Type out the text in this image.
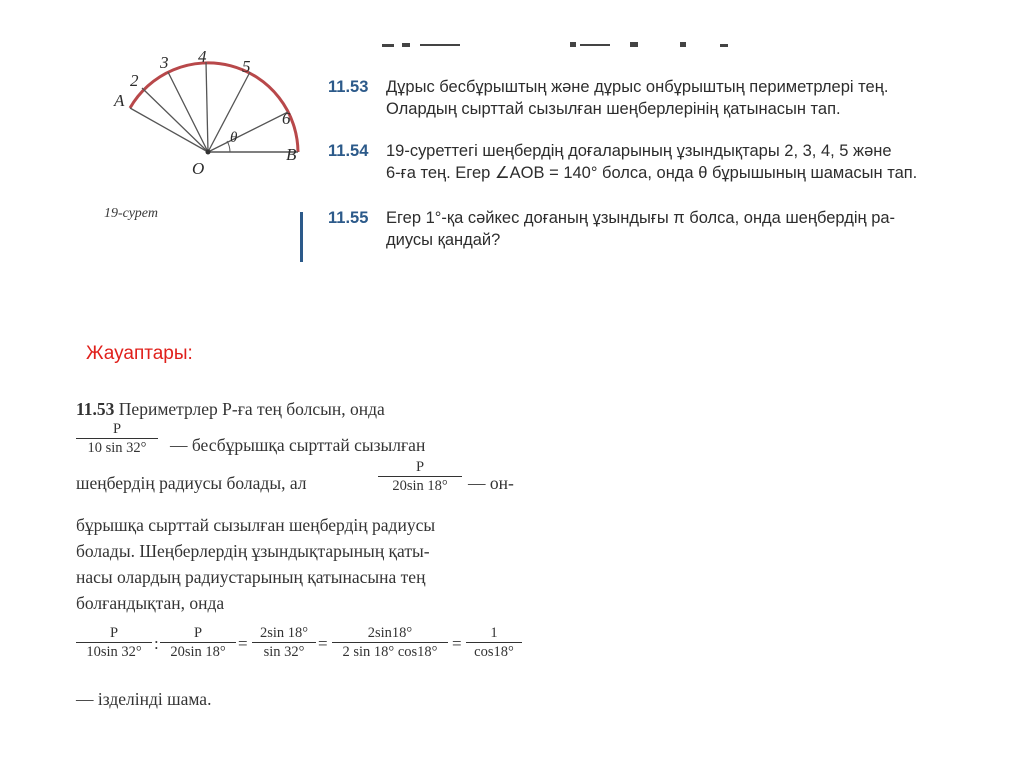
A
2
3 4
5
6
B
O
θ
19-сурет
11.53 Дұрыс бесбұрыштың және дұрыс онбұрыштың периметрлері тең.
Олардың сырттай сызылған шеңберлерінің қатынасын тап.
11.54 19-суреттегі шеңбердің доғаларының ұзындықтары 2, 3, 4, 5 және
6-ға тең. Егер ∠AOB = 140° болса, онда θ бұрышының шамасын тап.
11.55 Егер 1°-қа сәйкес доғаның ұзындығы π болса, онда шеңбердің ра-
диусы қандай?
Жауаптары:
11.53 Периметрлер P-ға тең болсын, онда
P
10 sin 32°	— бесбұрышқа сырттай сызылған
шеңбердің радиусы болады, ал
P
20sin 18°	— он-
бұрышқа сырттай сызылған шеңбердің радиусы
болады. Шеңберлердің ұзындықтарының қаты-
насы олардың радиустарының қатынасына тең
болғандықтан, онда
P
10sin 32° :
P
20sin 18° =
2sin 18°
sin 32° =
2sin18°
2 sin 18° cos18° =
1
cos18°
— ізделінді шама.
